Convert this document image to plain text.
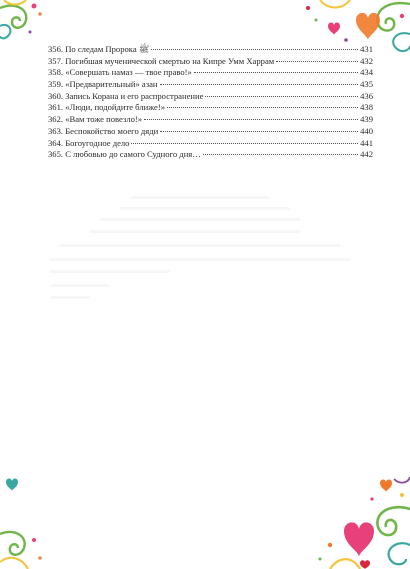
356. По следам Пророка ﷺ	431
357. Погибшая мученической смертью на Кипре Умм Харрам	432
358. «Совершать намаз — твое право!»	434
359. «Предварительный» азан	435
360. Запись Корана и его распространение	436
361. «Люди, подойдите ближе!»	438
362. «Вам тоже повезло!»	439
363. Беспокойство моего дяди	440
364. Богоугодное дело	441
365. С любовью до самого Судного дня…	442
